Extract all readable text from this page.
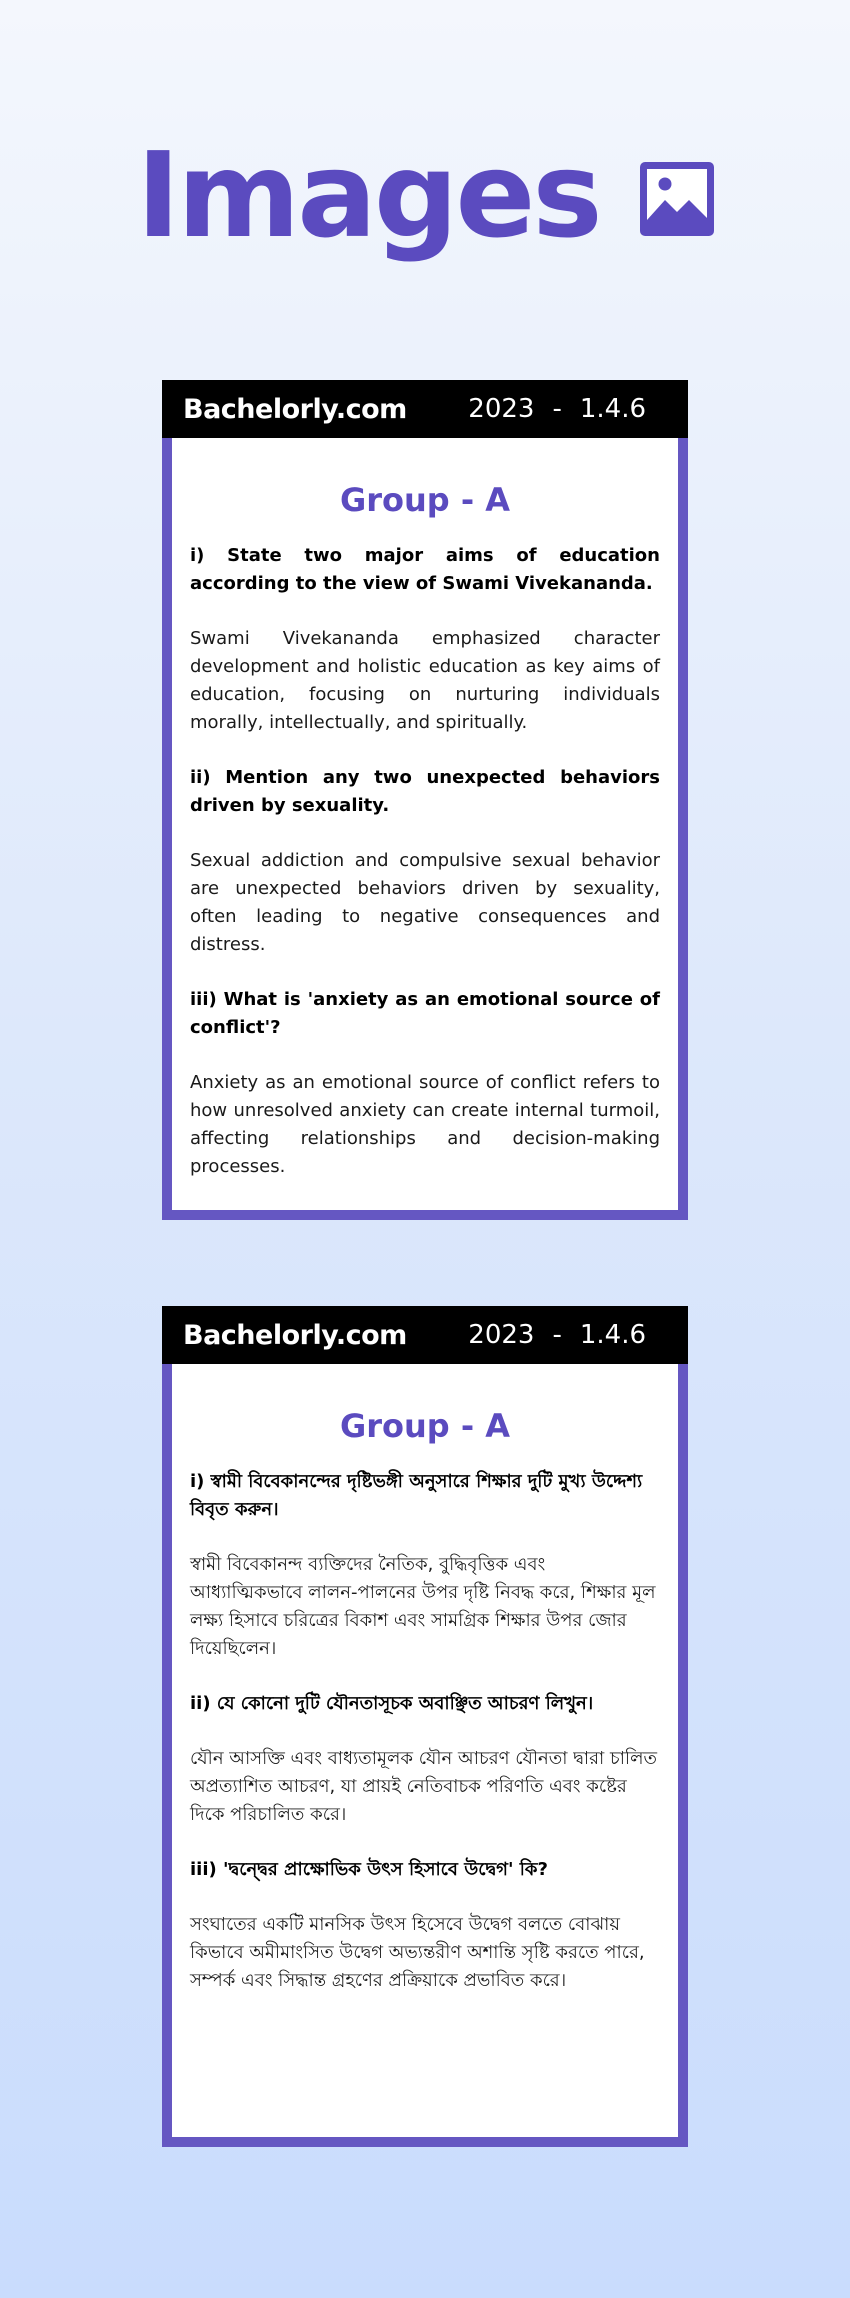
Images
Bachelorly.com 2023 - 1.4.6
Group - A

i) State two major aims of education according to the view of Swami Vivekananda.

Swami Vivekananda emphasized character development and holistic education as key aims of education, focusing on nurturing individuals morally, intellectually, and spiritually.

ii) Mention any two unexpected behaviors driven by sexuality.

Sexual addiction and compulsive sexual behavior are unexpected behaviors driven by sexuality, often leading to negative consequences and distress.

iii) What is 'anxiety as an emotional source of conflict'?

Anxiety as an emotional source of conflict refers to how unresolved anxiety can create internal turmoil, affecting relationships and decision-making processes.

Bachelorly.com 2023 - 1.4.6
Group - A

i) স্বামী বিবেকানন্দের দৃষ্টিভঙ্গী অনুসারে শিক্ষার দুটি মুখ্য উদ্দেশ্য বিবৃত করুন।

স্বামী বিবেকানন্দ ব্যক্তিদের নৈতিক, বুদ্ধিবৃত্তিক এবং আধ্যাত্মিকভাবে লালন-পালনের উপর দৃষ্টি নিবদ্ধ করে, শিক্ষার মূল লক্ষ্য হিসাবে চরিত্রের বিকাশ এবং সামগ্রিক শিক্ষার উপর জোর দিয়েছিলেন।

ii) যে কোনো দুটি যৌনতাসূচক অবাঞ্ছিত আচরণ লিখুন।

যৌন আসক্তি এবং বাধ্যতামূলক যৌন আচরণ যৌনতা দ্বারা চালিত অপ্রত্যাশিত আচরণ, যা প্রায়ই নেতিবাচক পরিণতি এবং কষ্টের দিকে পরিচালিত করে।

iii) 'দ্বন্দ্বের প্রাক্ষোভিক উৎস হিসাবে উদ্বেগ' কি?

সংঘাতের একটি মানসিক উৎস হিসেবে উদ্বেগ বলতে বোঝায় কিভাবে অমীমাংসিত উদ্বেগ অভ্যন্তরীণ অশান্তি সৃষ্টি করতে পারে, সম্পর্ক এবং সিদ্ধান্ত গ্রহণের প্রক্রিয়াকে প্রভাবিত করে।
